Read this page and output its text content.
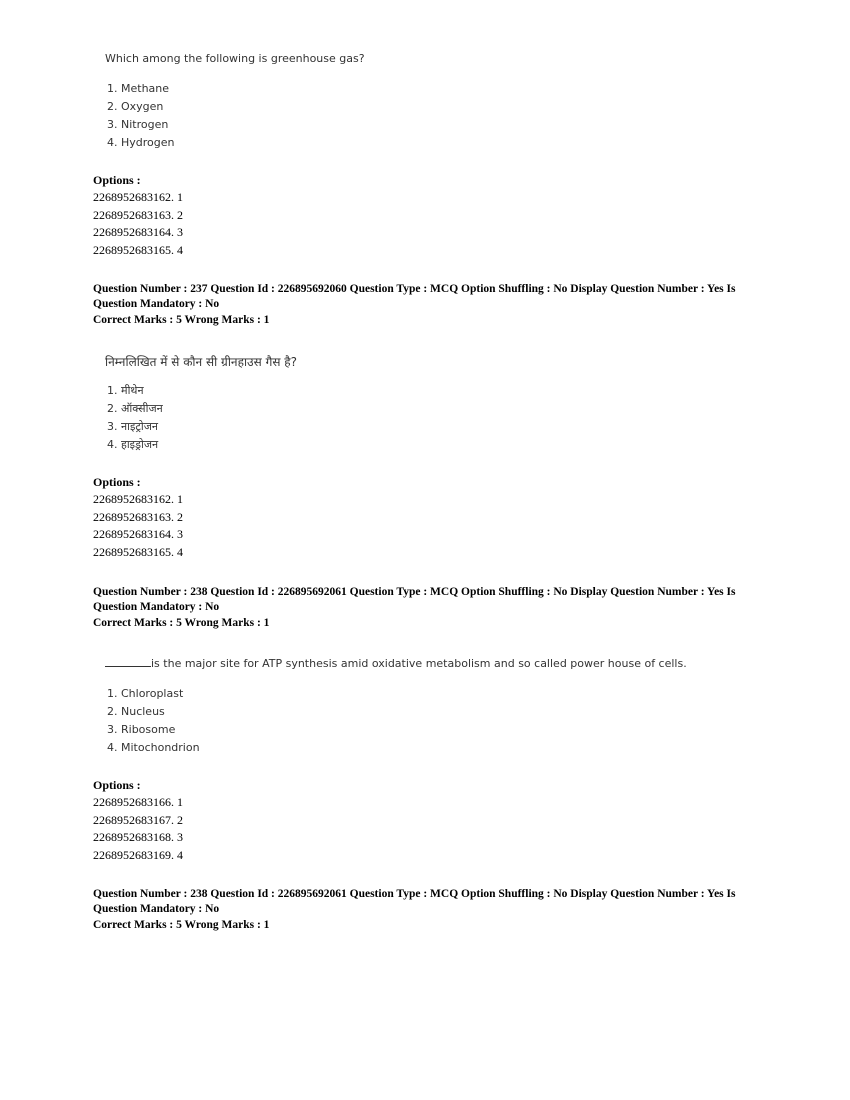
Which among the following is greenhouse gas?
1. Methane
2. Oxygen
3. Nitrogen
4. Hydrogen
Options :
2268952683162. 1
2268952683163. 2
2268952683164. 3
2268952683165. 4
Question Number : 237 Question Id : 226895692060 Question Type : MCQ Option Shuffling : No Display Question Number : Yes Is Question Mandatory : No
Correct Marks : 5 Wrong Marks : 1
निम्नलिखित में से कौन सी ग्रीनहाउस गैस है?
1. मीथेन
2. ऑक्सीजन
3. नाइट्रोजन
4. हाइड्रोजन
Options :
2268952683162. 1
2268952683163. 2
2268952683164. 3
2268952683165. 4
Question Number : 238 Question Id : 226895692061 Question Type : MCQ Option Shuffling : No Display Question Number : Yes Is Question Mandatory : No
Correct Marks : 5 Wrong Marks : 1
is the major site for ATP synthesis amid oxidative metabolism and so called power house of cells.
1. Chloroplast
2. Nucleus
3. Ribosome
4. Mitochondrion
Options :
2268952683166. 1
2268952683167. 2
2268952683168. 3
2268952683169. 4
Question Number : 238 Question Id : 226895692061 Question Type : MCQ Option Shuffling : No Display Question Number : Yes Is Question Mandatory : No
Correct Marks : 5 Wrong Marks : 1
